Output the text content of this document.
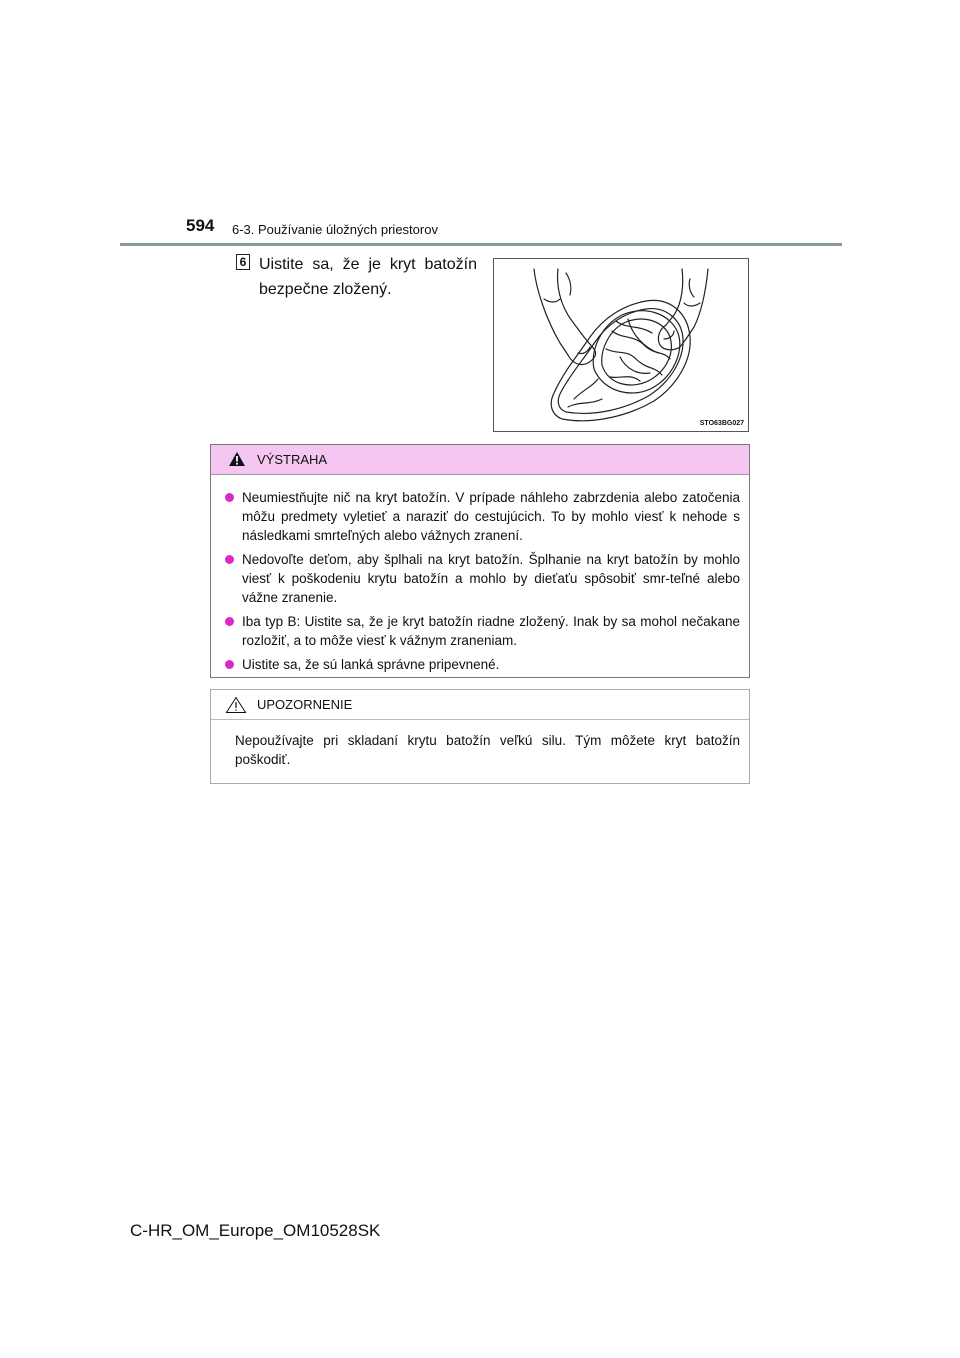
594 6-3. Používanie úložných priestorov
6 Uistite sa, že je kryt batožín bezpečne zložený.
STO63BG027
VÝSTRAHA
Neumiestňujte nič na kryt batožín. V prípade náhleho zabrzdenia alebo zatočenia môžu predmety vyletieť a naraziť do cestujúcich. To by mohlo viesť k nehode s následkami smrteľných alebo vážnych zranení.
Nedovoľte deťom, aby šplhali na kryt batožín. Šplhanie na kryt batožín by mohlo viesť k poškodeniu krytu batožín a mohlo by dieťaťu spôsobiť smr-teľné alebo vážne zranenie.
Iba typ B: Uistite sa, že je kryt batožín riadne zložený. Inak by sa mohol nečakane rozložiť, a to môže viesť k vážnym zraneniam.
Uistite sa, že sú lanká správne pripevnené.
UPOZORNENIE
Nepoužívajte pri skladaní krytu batožín veľkú silu. Tým môžete kryt batožín poškodiť.
C-HR_OM_Europe_OM10528SK
